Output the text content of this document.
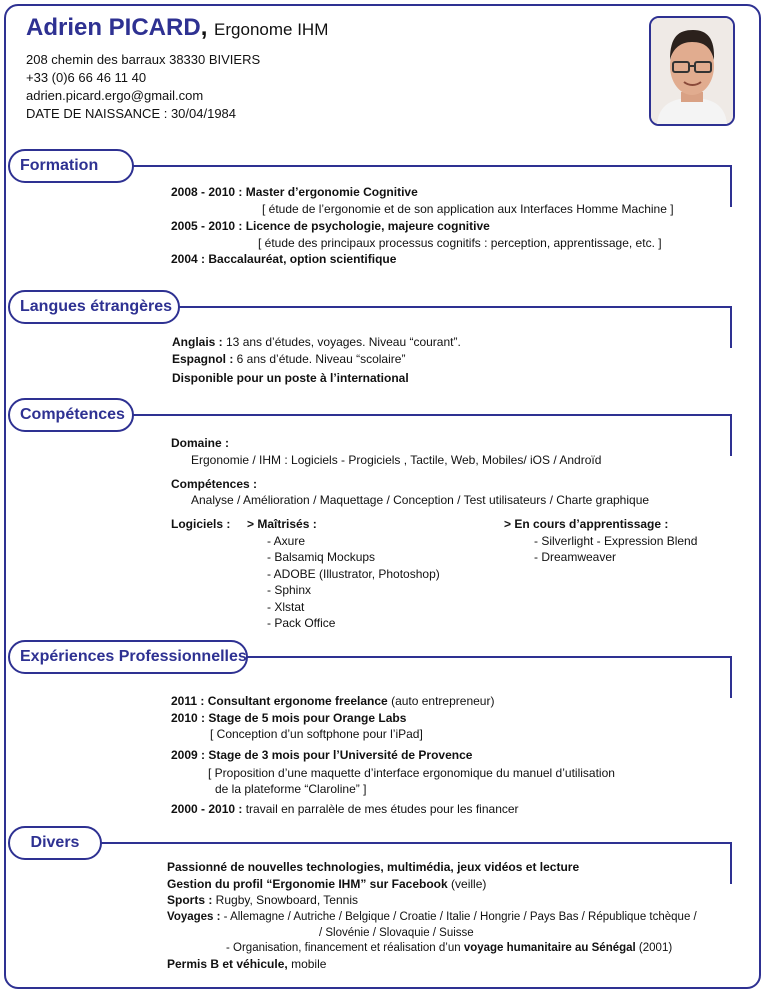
Adrien PICARD, Ergonome IHM
208 chemin des barraux 38330 BIVIERS
+33 (0)6 66 46 11 40
adrien.picard.ergo@gmail.com
DATE DE NAISSANCE : 30/04/1984
Formation
2008 - 2010 : Master d’ergonomie Cognitive
[ étude de l’ergonomie et de son application aux Interfaces Homme Machine ]
2005 - 2010 : Licence de psychologie, majeure cognitive
[ étude des principaux processus cognitifs : perception, apprentissage, etc. ]
2004 : Baccalauréat, option scientifique
Langues étrangères
Anglais : 13 ans d’études, voyages. Niveau “courant”.
Espagnol : 6 ans d’étude. Niveau “scolaire”
Disponible pour un poste à l’international
Compétences
Domaine :
Ergonomie / IHM : Logiciels - Progiciels , Tactile, Web, Mobiles/ iOS / Androïd
Compétences :
Analyse / Amélioration / Maquettage / Conception / Test utilisateurs / Charte graphique
Logiciels : > Maîtrisés :
- Axure
- Balsamiq Mockups
- ADOBE (Illustrator, Photoshop)
- Sphinx
- Xlstat
- Pack Office
> En cours d’apprentissage :
- Silverlight - Expression Blend
- Dreamweaver
Expériences Professionnelles
2011 : Consultant ergonome freelance (auto entrepreneur)
2010 : Stage de 5 mois pour Orange Labs
[ Conception d’un softphone pour l’iPad]
2009 : Stage de 3 mois pour l’Université de Provence
[ Proposition d’une maquette d’interface ergonomique du manuel d’utilisation
de la plateforme “Claroline” ]
2000 - 2010 : travail en parralèle de mes études pour les financer
Divers
Passionné de nouvelles technologies, multimédia, jeux vidéos et lecture
Gestion du profil “Ergonomie IHM” sur Facebook (veille)
Sports : Rugby, Snowboard, Tennis
Voyages : - Allemagne / Autriche / Belgique / Croatie / Italie / Hongrie / Pays Bas / République tchèque /
/ Slovénie / Slovaquie / Suisse
- Organisation, financement et réalisation d’un voyage humanitaire au Sénégal (2001)
Permis B et véhicule, mobile
